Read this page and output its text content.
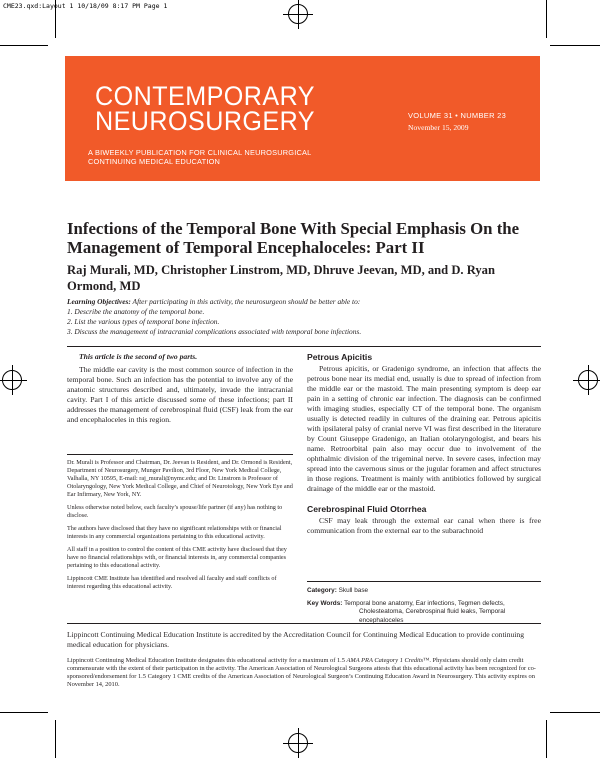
CME23.qxd:Layout 1 10/18/09 8:17 PM Page 1
CONTEMPORARY
NEUROSURGERY
A BIWEEKLY PUBLICATION FOR CLINICAL NEUROSURGICAL
CONTINUING MEDICAL EDUCATION
VOLUME 31 • NUMBER 23
November 15, 2009
Infections of the Temporal Bone With Special Emphasis On the Management of Temporal Encephaloceles: Part II
Raj Murali, MD, Christopher Linstrom, MD, Dhruve Jeevan, MD, and D. Ryan Ormond, MD
Learning Objectives: After participating in this activity, the neurosurgeon should be better able to:
1. Describe the anatomy of the temporal bone.
2. List the various types of temporal bone infection.
3. Discuss the management of intracranial complications associated with temporal bone infections.
This article is the second of two parts.

The middle ear cavity is the most common source of infection in the temporal bone. Such an infection has the potential to involve any of the anatomic structures described and, ultimately, invade the intracranial cavity. Part I of this article discussed some of these infections; part II addresses the management of cerebrospinal fluid (CSF) leak from the ear and encephaloceles in this region.

Dr. Murali is Professor and Chairman, Dr. Jeevan is Resident, and Dr. Ormond is Resident, Department of Neurosurgery, Munger Pavilion, 3rd Floor, New York Medical College, Valhalla, NY 10595, E-mail: raj_murali@nymc.edu; and Dr. Linstrom is Professor of Otolaryngology, New York Medical College, and Chief of Neurotology, New York Eye and Ear Infirmary, New York, NY.

Unless otherwise noted below, each faculty’s spouse/life partner (if any) has nothing to disclose.

The authors have disclosed that they have no significant relationships with or financial interests in any commercial organizations pertaining to this educational activity.

All staff in a position to control the content of this CME activity have disclosed that they have no financial relationships with, or financial interests in, any commercial companies pertaining to this educational activity.

Lippincott CME Institute has identified and resolved all faculty and staff conflicts of interest regarding this educational activity.

Petrous Apicitis

Petrous apicitis, or Gradenigo syndrome, an infection that affects the petrous bone near its medial end, usually is due to spread of infection from the middle ear or the mastoid. The main presenting symptom is deep ear pain in a setting of chronic ear infection. The diagnosis can be confirmed with imaging studies, especially CT of the temporal bone. The organism usually is detected readily in cultures of the draining ear. Petrous apicitis with ipsilateral palsy of cranial nerve VI was first described in the literature by Count Giuseppe Gradenigo, an Italian otolaryngologist, and bears his name. Retroorbital pain also may occur due to involvement of the ophthalmic division of the trigeminal nerve. In severe cases, infection may spread into the cavernous sinus or the jugular foramen and affect structures in those regions. Treatment is mainly with antibiotics followed by surgical drainage of the middle ear or the mastoid.

Cerebrospinal Fluid Otorrhea

CSF may leak through the external ear canal when there is free communication from the external ear to the subarachnoid

Category: Skull base
Key Words: Temporal bone anatomy, Ear infections, Tegmen defects,
Cholesteatoma, Cerebrospinal fluid leaks, Temporal encephaloceles

Lippincott Continuing Medical Education Institute is accredited by the Accreditation Council for Continuing Medical Education to provide continuing medical education for physicians.

Lippincott Continuing Medical Education Institute designates this educational activity for a maximum of 1.5 AMA PRA Category 1 Credits™. Physicians should only claim credit commensurate with the extent of their participation in the activity. The American Association of Neurological Surgeons attests that this educational activity has been recognized for co-sponsored/endorsement for 1.5 Category 1 CME credits of the American Association of Neurological Surgeon’s Continuing Education Award in Neurosurgery. This activity expires on November 14, 2010.
